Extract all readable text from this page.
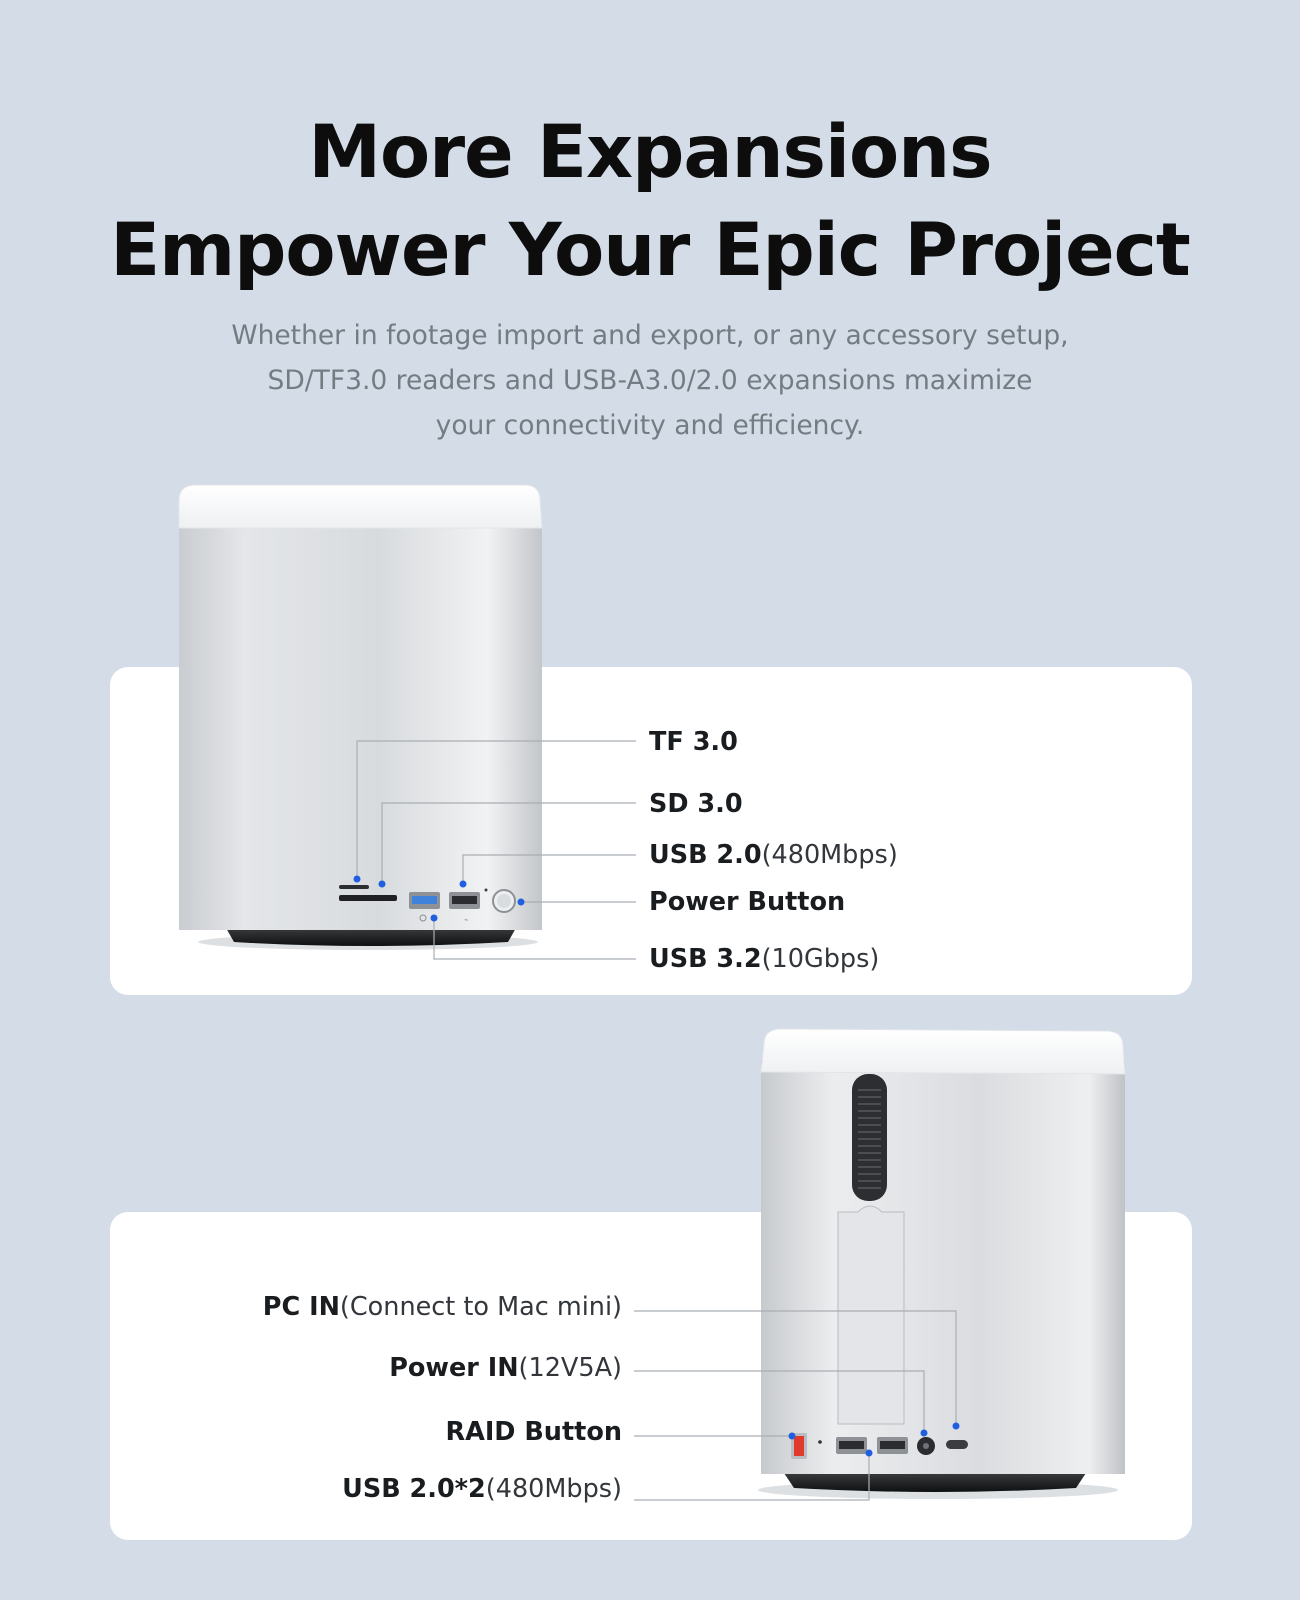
More Expansions
Empower Your Epic Project

Whether in footage import and export, or any accessory setup,
SD/TF3.0 readers and USB-A3.0/2.0 expansions maximize
your connectivity and efficiency.

⌁
TF 3.0
SD 3.0
USB 2.0(480Mbps)
Power Button
USB 3.2(10Gbps)
PC IN(Connect to Mac mini)
Power IN(12V5A)
RAID Button
USB 2.0*2(480Mbps)
